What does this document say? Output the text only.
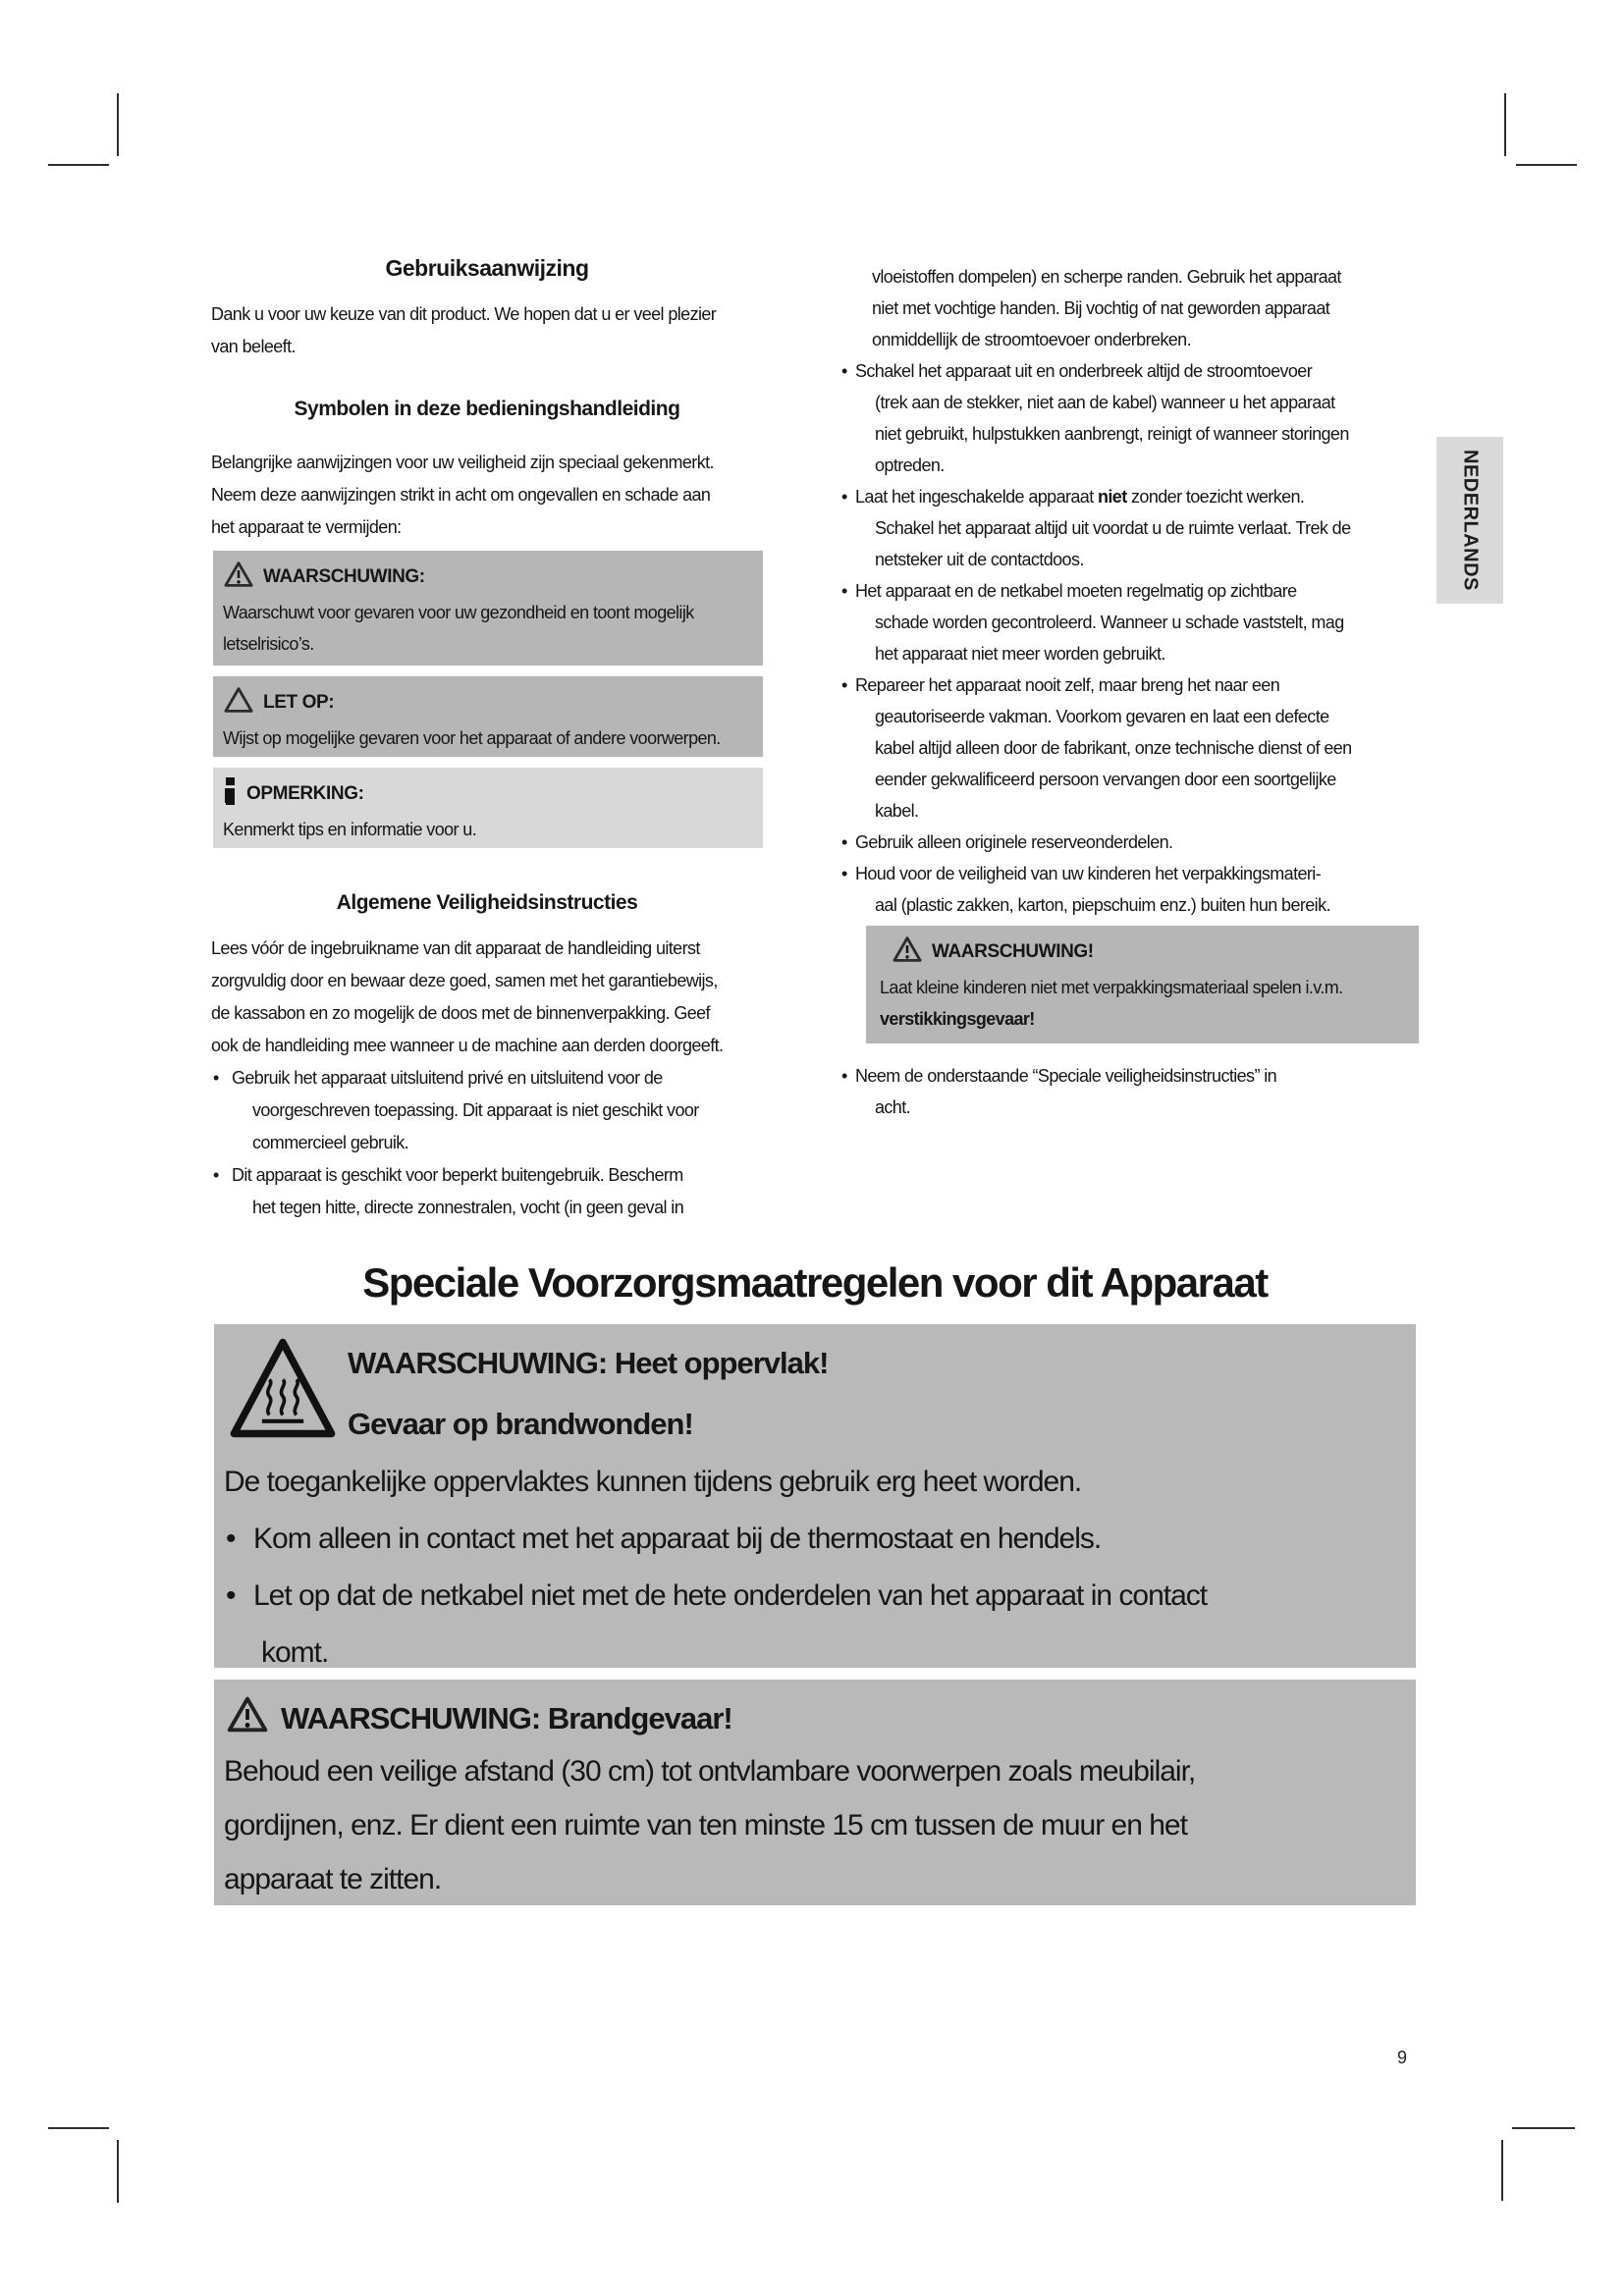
Gebruiksaanwijzing
Dank u voor uw keuze van dit product. We hopen dat u er veel plezier
van beleeft.
Symbolen in deze bedieningshandleiding
Belangrijke aanwijzingen voor uw veiligheid zijn speciaal gekenmerkt.
Neem deze aanwijzingen strikt in acht om ongevallen en schade aan
het apparaat te vermijden:
WAARSCHUWING:
Waarschuwt voor gevaren voor uw gezondheid en toont mogelijk
letselrisico’s.
LET OP:
Wijst op mogelijke gevaren voor het apparaat of andere voorwerpen.
OPMERKING:
Kenmerkt tips en informatie voor u.
Algemene Veiligheidsinstructies
Lees vóór de ingebruikname van dit apparaat de handleiding uiterst
zorgvuldig door en bewaar deze goed, samen met het garantiebewijs,
de kassabon en zo mogelijk de doos met de binnenverpakking. Geef
ook de handleiding mee wanneer u de machine aan derden doorgeeft.
• Gebruik het apparaat uitsluitend privé en uitsluitend voor de
voorgeschreven toepassing. Dit apparaat is niet geschikt voor
commercieel gebruik.
• Dit apparaat is geschikt voor beperkt buitengebruik. Bescherm
het tegen hitte, directe zonnestralen, vocht (in geen geval in
vloeistoffen dompelen) en scherpe randen. Gebruik het apparaat
niet met vochtige handen. Bij vochtig of nat geworden apparaat
onmiddellijk de stroomtoevoer onderbreken.
• Schakel het apparaat uit en onderbreek altijd de stroomtoevoer
(trek aan de stekker, niet aan de kabel) wanneer u het apparaat
niet gebruikt, hulpstukken aanbrengt, reinigt of wanneer storingen
optreden.
• Laat het ingeschakelde apparaat niet zonder toezicht werken.
Schakel het apparaat altijd uit voordat u de ruimte verlaat. Trek de
netsteker uit de contactdoos.
• Het apparaat en de netkabel moeten regelmatig op zichtbare
schade worden gecontroleerd. Wanneer u schade vaststelt, mag
het apparaat niet meer worden gebruikt.
• Repareer het apparaat nooit zelf, maar breng het naar een
geautoriseerde vakman. Voorkom gevaren en laat een defecte
kabel altijd alleen door de fabrikant, onze technische dienst of een
eender gekwalificeerd persoon vervangen door een soortgelijke
kabel.
• Gebruik alleen originele reserveonderdelen.
• Houd voor de veiligheid van uw kinderen het verpakkingsmateri-
aal (plastic zakken, karton, piepschuim enz.) buiten hun bereik.
WAARSCHUWING!
Laat kleine kinderen niet met verpakkingsmateriaal spelen i.v.m.
verstikkingsgevaar!
• Neem de onderstaande “Speciale veiligheidsinstructies” in
acht.
Speciale Voorzorgsmaatregelen voor dit Apparaat
WAARSCHUWING: Heet oppervlak!
Gevaar op brandwonden!
De toegankelijke oppervlaktes kunnen tijdens gebruik erg heet worden.
• Kom alleen in contact met het apparaat bij de thermostaat en hendels.
• Let op dat de netkabel niet met de hete onderdelen van het apparaat in contact
komt.
WAARSCHUWING: Brandgevaar!
Behoud een veilige afstand (30 cm) tot ontvlambare voorwerpen zoals meubilair,
gordijnen, enz. Er dient een ruimte van ten minste 15 cm tussen de muur en het
apparaat te zitten.
NEDERLANDS
9
